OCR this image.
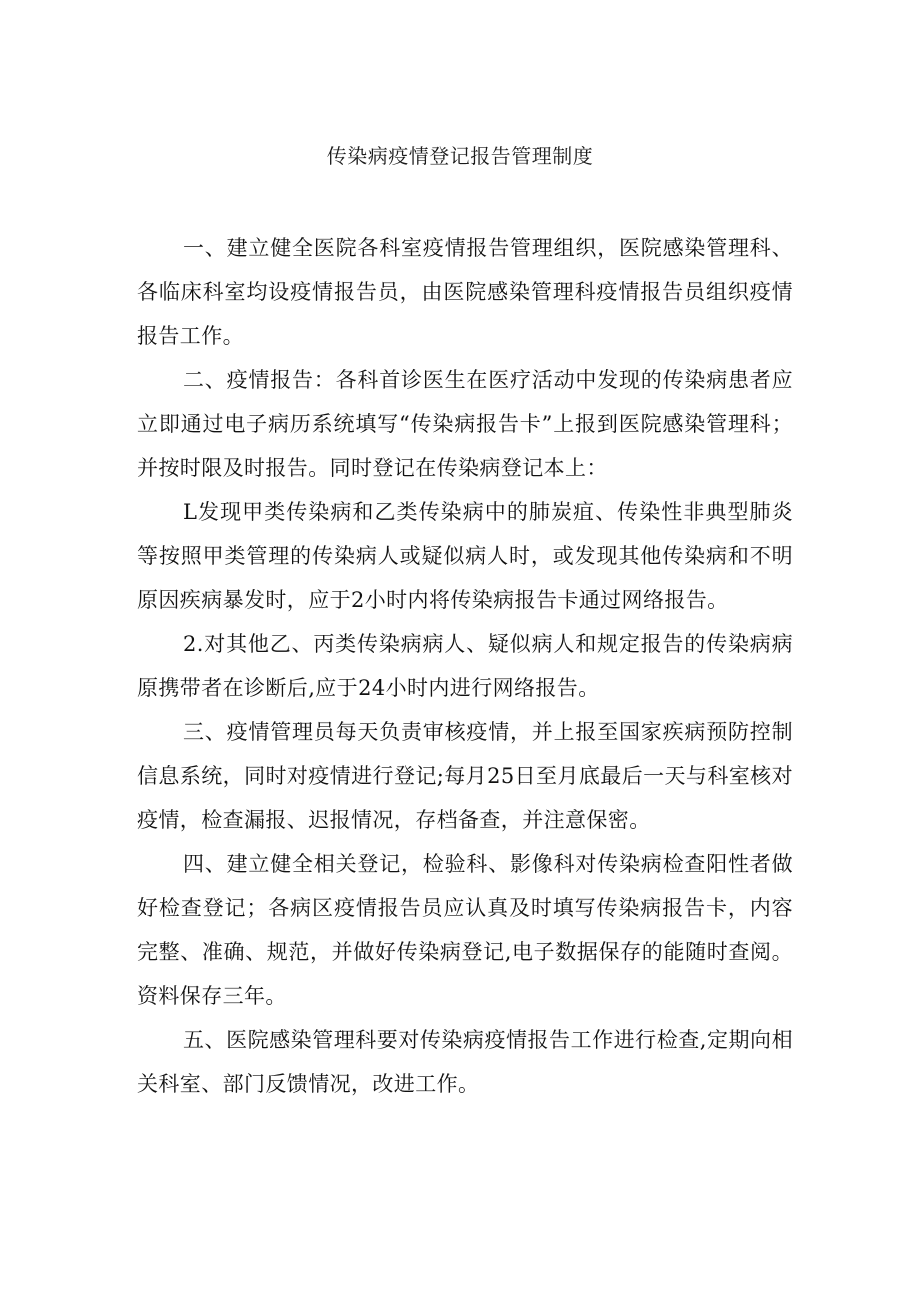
传染病疫情登记报告管理制度

一、建立健全医院各科室疫情报告管理组织，医院感染管理科、各临床科室均设疫情报告员，由医院感染管理科疫情报告员组织疫情报告工作。

二、疫情报告：各科首诊医生在医疗活动中发现的传染病患者应立即通过电子病历系统填写“传染病报告卡”上报到医院感染管理科；并按时限及时报告。同时登记在传染病登记本上：

L发现甲类传染病和乙类传染病中的肺炭疽、传染性非典型肺炎等按照甲类管理的传染病人或疑似病人时，或发现其他传染病和不明原因疾病暴发时，应于2小时内将传染病报告卡通过网络报告。

2.对其他乙、丙类传染病病人、疑似病人和规定报告的传染病病原携带者在诊断后,应于24小时内进行网络报告。

三、疫情管理员每天负责审核疫情，并上报至国家疾病预防控制信息系统，同时对疫情进行登记;每月25日至月底最后一天与科室核对疫情，检查漏报、迟报情况，存档备查，并注意保密。

四、建立健全相关登记，检验科、影像科对传染病检查阳性者做好检查登记；各病区疫情报告员应认真及时填写传染病报告卡，内容完整、准确、规范，并做好传染病登记,电子数据保存的能随时查阅。资料保存三年。

五、医院感染管理科要对传染病疫情报告工作进行检查,定期向相关科室、部门反馈情况，改进工作。
